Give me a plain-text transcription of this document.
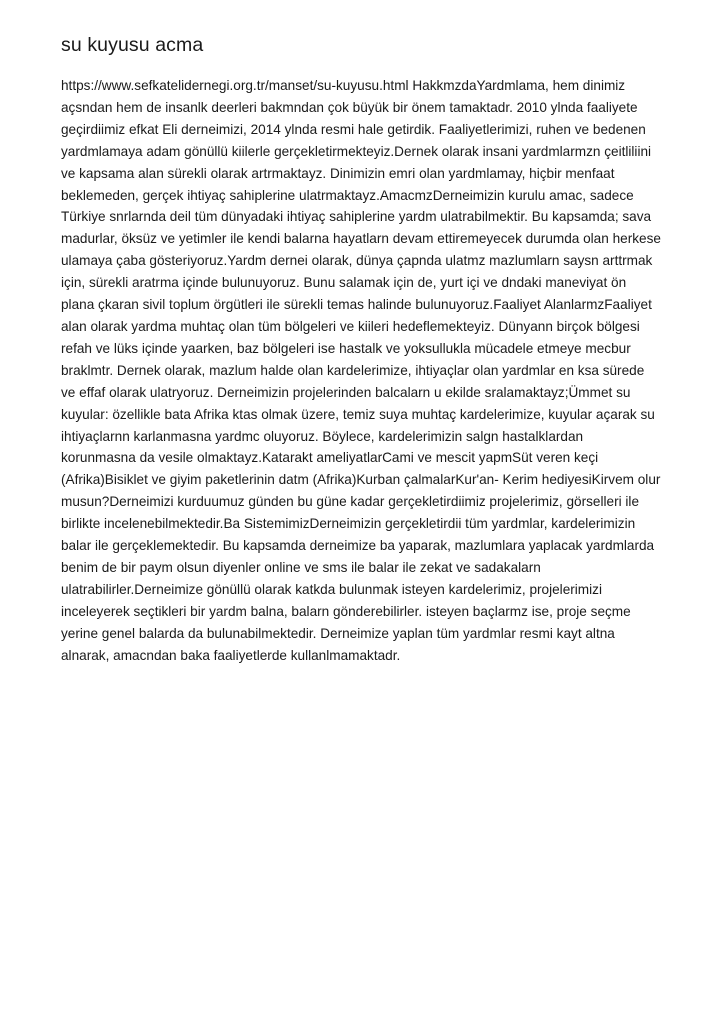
su kuyusu acma

https://www.sefkatelidernegi.org.tr/manset/su-kuyusu.html HakkmzdaYardmlama, hem dinimiz açsndan hem de insanlk deerleri bakmndan çok büyük bir önem tamaktadr. 2010 ylnda faaliyete geçirdiimiz efkat Eli derneimizi, 2014 ylnda resmi hale getirdik. Faaliyetlerimizi, ruhen ve bedenen yardmlamaya adam gönüllü kiilerle gerçekletirmekteyiz.Dernek olarak insani yardmlarmzn çeitliliini ve kapsama alan sürekli olarak artrmaktayz. Dinimizin emri olan yardmlamay, hiçbir menfaat beklemeden, gerçek ihtiyaç sahiplerine ulatrmaktayz.AmacmzDerneimizin kurulu amac, sadece Türkiye snrlarnda deil tüm dünyadaki ihtiyaç sahiplerine yardm ulatrabilmektir. Bu kapsamda; sava madurlar, öksüz ve yetimler ile kendi balarna hayatlarn devam ettiremeyecek durumda olan herkese ulamaya çaba gösteriyoruz.Yardm dernei olarak, dünya çapnda ulatmz mazlumlarn saysn arttrmak için, sürekli aratrma içinde bulunuyoruz. Bunu salamak için de, yurt içi ve dndaki maneviyat ön plana çkaran sivil toplum örgütleri ile sürekli temas halinde bulunuyoruz.Faaliyet AlanlarmzFaaliyet alan olarak yardma muhtaç olan tüm bölgeleri ve kiileri hedeflemekteyiz. Dünyann birçok bölgesi refah ve lüks içinde yaarken, baz bölgeleri ise hastalk ve yoksullukla mücadele etmeye mecbur braklmtr. Dernek olarak, mazlum halde olan kardelerimize, ihtiyaçlar olan yardmlar en ksa sürede ve effaf olarak ulatryoruz. Derneimizin projelerinden balcalarn u ekilde sralamaktayz;Ümmet su kuyular: özellikle bata Afrika ktas olmak üzere, temiz suya muhtaç kardelerimize, kuyular açarak su ihtiyaçlarnn karlanmasna yardmc oluyoruz. Böylece, kardelerimizin salgn hastalklardan korunmasna da vesile olmaktayz.Katarakt ameliyatlarCami ve mescit yapmSüt veren keçi (Afrika)Bisiklet ve giyim paketlerinin datm (Afrika)Kurban çalmalarKur'an- Kerim hediyesiKirvem olur musun?Derneimizi kurduumuz günden bu güne kadar gerçekletirdiimiz projelerimiz, görselleri ile birlikte incelenebilmektedir.Ba SistemimizDerneimizin gerçekletirdii tüm yardmlar, kardelerimizin balar ile gerçeklemektedir. Bu kapsamda derneimize ba yaparak, mazlumlara yaplacak yardmlarda benim de bir paym olsun diyenler online ve sms ile balar ile zekat ve sadakalarn ulatrabilirler.Derneimize gönüllü olarak katkda bulunmak isteyen kardelerimiz, projelerimizi inceleyerek seçtikleri bir yardm balna, balarn gönderebilirler. isteyen baçlarmz ise, proje seçme yerine genel balarda da bulunabilmektedir. Derneimize yaplan tüm yardmlar resmi kayt altna alnarak, amacndan baka faaliyetlerde kullanlmamaktadr.
